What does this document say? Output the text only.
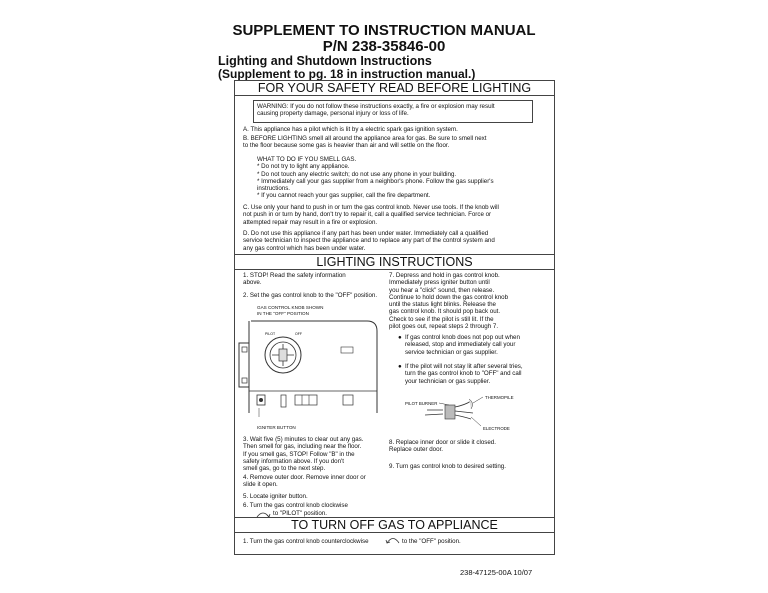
SUPPLEMENT TO INSTRUCTION MANUAL
P/N 238-35846-00
Lighting and Shutdown Instructions
(Supplement to pg. 18 in instruction manual.)
FOR YOUR SAFETY READ BEFORE LIGHTING
WARNING: If you do not follow these instructions exactly, a fire or explosion may result
causing property damage, personal injury or loss of life.
A. This appliance has a pilot which is lit by a electric spark gas ignition system.
B. BEFORE LIGHTING smell all around the appliance area for gas. Be sure to smell next
to the floor because some gas is heavier than air and will settle on the floor.
WHAT TO DO IF YOU SMELL GAS.
* Do not try to light any appliance.
* Do not touch any electric switch; do not use any phone in your building.
* Immediately call your gas supplier from a neighbor's phone. Follow the gas supplier's
instructions.
* If you cannot reach your gas supplier, call the fire department.
C. Use only your hand to push in or turn the gas control knob. Never use tools. If the knob will
not push in or turn by hand, don't try to repair it, call a qualified service technician. Force or
attempted repair may result in a fire or explosion.
D. Do not use this appliance if any part has been under water. Immediately call a qualified
service technician to inspect the appliance and to replace any part of the control system and
any gas control which has been under water.
LIGHTING INSTRUCTIONS
1. STOP! Read the safety information
above.
2. Set the gas control knob to the "OFF" position.
GAS CONTROL KNOB SHOWN
IN THE "OFF" POSITION
OFF
PILOT
IGNITER BUTTON
3. Wait five (5) minutes to clear out any gas.
Then smell for gas, including near the floor.
If you smell gas, STOP! Follow "B" in the
safety information above. If you don't
smell gas, go to the next step.
4. Remove outer door. Remove inner door or
slide it open.
5. Locate igniter button.
6. Turn the gas control knob clockwise
to "PILOT" position.
7. Depress and hold in gas control knob.
Immediately press igniter button until
you hear a "click" sound, then release.
Continue to hold down the gas control knob
until the status light blinks. Release the
gas control knob. It should pop back out.
Check to see if the pilot is still lit. If the
pilot goes out, repeat steps 2 through 7.
● If gas control knob does not pop out when
released, stop and immediately call your
service technician or gas supplier.
● If the pilot will not stay lit after several tries,
turn the gas control knob to "OFF" and call
your technician or gas supplier.
PILOT BURNER
THERMOPILE
ELECTRODE
8. Replace inner door or slide it closed.
Replace outer door.
9. Turn gas control knob to desired setting.
TO TURN OFF GAS TO APPLIANCE
1. Turn the gas control knob counterclockwise	to the "OFF" position.
238-47125-00A 10/07
